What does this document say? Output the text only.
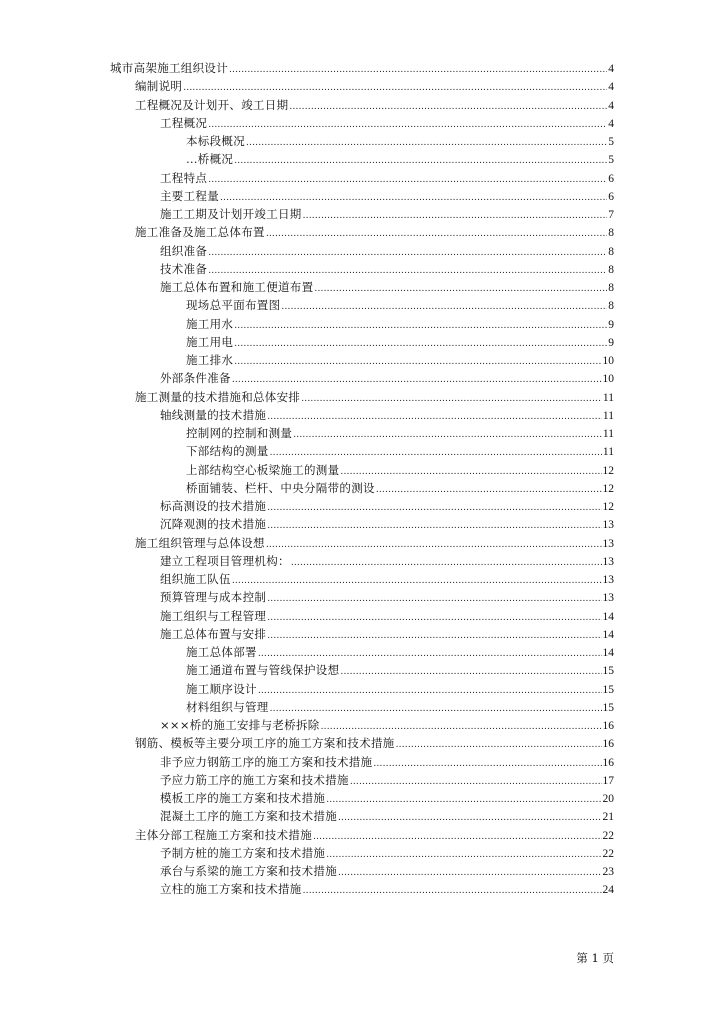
城市高架施工组织设计 .....	4
编制说明 .....	4
工程概况及计划开、竣工日期 .....	4
工程概况 .....	4
本标段概况 .....	5
…桥概况 .....	5
工程特点 .....	6
主要工程量 .....	6
施工工期及计划开竣工日期 .....	7
施工准备及施工总体布置 .....	8
组织准备 .....	8
技术准备 .....	8
施工总体布置和施工便道布置 .....	8
现场总平面布置图 .....	8
施工用水 .....	9
施工用电 .....	9
施工排水 .....	10
外部条件准备 .....	10
施工测量的技术措施和总体安排 .....	11
轴线测量的技术措施 .....	11
控制网的控制和测量 .....	11
下部结构的测量 .....	11
上部结构空心板梁施工的测量 .....	12
桥面铺装、栏杆、中央分隔带的测设 .....	12
标高测设的技术措施 .....	12
沉降观测的技术措施 .....	13
施工组织管理与总体设想 .....	13
建立工程项目管理机构： .....	13
组织施工队伍 .....	13
预算管理与成本控制 .....	13
施工组织与工程管理 .....	14
施工总体布置与安排 .....	14
施工总体部署 .....	14
施工通道布置与管线保护设想 .....	15
施工顺序设计 .....	15
材料组织与管理 .....	15
×××桥的施工安排与老桥拆除 .....	16
钢筋、模板等主要分项工序的施工方案和技术措施 .....	16
非予应力钢筋工序的施工方案和技术措施 .....	16
予应力筋工序的施工方案和技术措施 .....	17
模板工序的施工方案和技术措施 .....	20
混凝土工序的施工方案和技术措施 .....	21
主体分部工程施工方案和技术措施 .....	22
予制方桩的施工方案和技术措施 .....	22
承台与系梁的施工方案和技术措施 .....	23
立柱的施工方案和技术措施 .....	24
第 1 页
